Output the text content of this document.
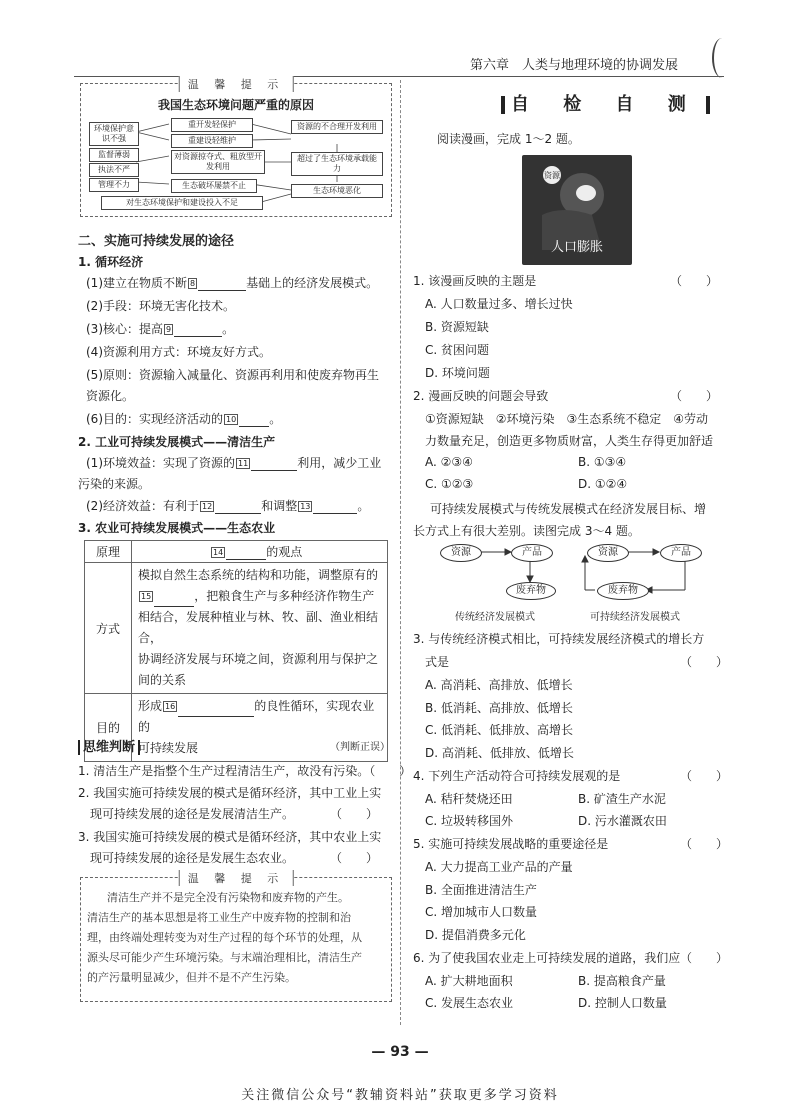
第六章　人类与地理环境的协调发展
温 馨 提 示
我国生态环境问题严重的原因
环境保护意识不强
重开发轻保护
重建设轻维护
资源的不合理开发利用
监督薄弱
执法不严
对资源掠夺式、粗放型开发利用
超过了生态环境承载能力
管理不力	生态破坏屡禁不止
生态环境恶化
对生态环境保护和建设投入不足
二、实施可持续发展的途径
1. 循环经济
(1)建立在物质不断 8	基础上的经济发展模式。
(2)手段：环境无害化技术。
(3)核心：提高 9	。
(4)资源利用方式：环境友好方式。
(5)原则：资源输入减量化、资源再利用和使废弃物再生
资源化。
(6)目的：实现经济活动的 10	。
2. 工业可持续发展模式——清洁生产
(1)环境效益：实现了资源的 11	利用，减少工业
污染的来源。
(2)经济效益：有利于 12	和调整 13	。
3. 农业可持续发展模式——生态农业
原理	14 的观点
方式	模拟自然生态系统的结构和功能，调整原有的
15 ，把粮食生产与多种经济作物生产
相结合，发展种植业与林、牧、副、渔业相结合，
协调经济发展与环境之间，资源利用与保护之
间的关系

目的	形成 16 的良性循环，实现农业的
可持续发展
思维判断	（判断正误）
1. 清洁生产是指整个生产过程清洁生产，故没有污染。（　　）
2. 我国实施可持续发展的模式是循环经济，其中工业上实
现可持续发展的途径是发展清洁生产。　　　　（　　）
3. 我国实施可持续发展的模式是循环经济，其中农业上实
现可持续发展的途径是发展生态农业。　　　　（　　）
温 馨 提 示
清洁生产并不是完全没有污染物和废弃物的产生。
清洁生产的基本思想是将工业生产中废弃物的控制和治
理，由终端处理转变为对生产过程的每个环节的处理，从
源头尽可能少产生环境污染。与末端治理相比，清洁生产
的产污量明显减少，但并不是不产生污染。
自 检 自 测
阅读漫画，完成 1～2 题。
资源
人口膨胀
1. 该漫画反映的主题是	（　　）
A. 人口数量过多、增长过快
B. 资源短缺
C. 贫困问题
D. 环境问题
2. 漫画反映的问题会导致	（　　）
①资源短缺　②环境污染　③生态系统不稳定　④劳动
力数量充足，创造更多物质财富，人类生存得更加舒适
A. ②③④	B. ①③④
C. ①②③	D. ①②④
可持续发展模式与传统发展模式在经济发展目标、增
长方式上有很大差别。读图完成 3～4 题。
资源	产品
废弃物
传统经济发展模式
资源	产品
废弃物
可持续经济发展模式
3. 与传统经济模式相比，可持续发展经济模式的增长方
式是	（　　）
A. 高消耗、高排放、低增长
B. 低消耗、高排放、低增长
C. 低消耗、低排放、高增长
D. 高消耗、低排放、低增长
4. 下列生产活动符合可持续发展观的是	（　　）
A. 秸秆焚烧还田	B. 矿渣生产水泥
C. 垃圾转移国外	D. 污水灌溉农田
5. 实施可持续发展战略的重要途径是	（　　）
A. 大力提高工业产品的产量
B. 全面推进清洁生产
C. 增加城市人口数量
D. 提倡消费多元化
6. 为了使我国农业走上可持续发展的道路，我们应 （　　）
A. 扩大耕地面积	B. 提高粮食产量
C. 发展生态农业	D. 控制人口数量
— 93 —
关注微信公众号“教辅资料站”获取更多学习资料
